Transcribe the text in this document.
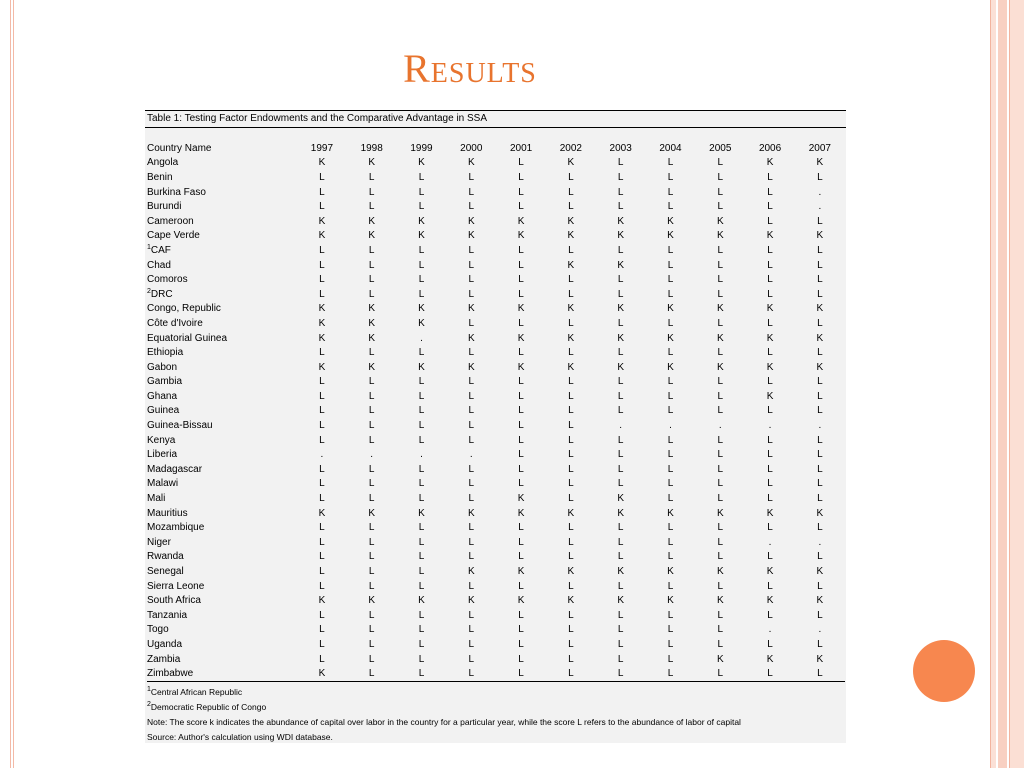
Results
Table 1: Testing Factor Endowments and the Comparative Advantage in SSA
Country Name	1997	1998	1999	2000	2001	2002	2003	2004	2005	2006	2007
Angola	K	K	K	K	L	K	L	L	L	K	K
Benin	L	L	L	L	L	L	L	L	L	L	L
Burkina Faso	L	L	L	L	L	L	L	L	L	L	.
Burundi	L	L	L	L	L	L	L	L	L	L	.
Cameroon	K	K	K	K	K	K	K	K	K	L	L
Cape Verde	K	K	K	K	K	K	K	K	K	K	K
$^1$CAF	L	L	L	L	L	L	L	L	L	L	L
Chad	L	L	L	L	L	K	K	L	L	L	L
Comoros	L	L	L	L	L	L	L	L	L	L	L
$^2$DRC	L	L	L	L	L	L	L	L	L	L	L
Congo, Republic	K	K	K	K	K	K	K	K	K	K	K
Côte d'Ivoire	K	K	K	L	L	L	L	L	L	L	L
Equatorial Guinea	K	K	.	K	K	K	K	K	K	K	K
Ethiopia	L	L	L	L	L	L	L	L	L	L	L
Gabon	K	K	K	K	K	K	K	K	K	K	K
Gambia	L	L	L	L	L	L	L	L	L	L	L
Ghana	L	L	L	L	L	L	L	L	L	K	L
Guinea	L	L	L	L	L	L	L	L	L	L	L
Guinea-Bissau	L	L	L	L	L	L	.	.	.	.	.
Kenya	L	L	L	L	L	L	L	L	L	L	L
Liberia	.	.	.	.	L	L	L	L	L	L	L
Madagascar	L	L	L	L	L	L	L	L	L	L	L
Malawi	L	L	L	L	L	L	L	L	L	L	L
Mali	L	L	L	L	K	L	K	L	L	L	L
Mauritius	K	K	K	K	K	K	K	K	K	K	K
Mozambique	L	L	L	L	L	L	L	L	L	L	L
Niger	L	L	L	L	L	L	L	L	L	.	.
Rwanda	L	L	L	L	L	L	L	L	L	L	L
Senegal	L	L	L	K	K	K	K	K	K	K	K
Sierra Leone	L	L	L	L	L	L	L	L	L	L	L
South Africa	K	K	K	K	K	K	K	K	K	K	K
Tanzania	L	L	L	L	L	L	L	L	L	L	L
Togo	L	L	L	L	L	L	L	L	L	.	.
Uganda	L	L	L	L	L	L	L	L	L	L	L
Zambia	L	L	L	L	L	L	L	L	K	K	K
Zimbabwe	K	L	L	L	L	L	L	L	L	L	L
$^1$Central African Republic
$^2$Democratic Republic of Congo
Note: The score k indicates the abundance of capital over labor in the country for a particular year, while the score L refers to the abundance of labor of capital
Source: Author's calculation using WDI database.
